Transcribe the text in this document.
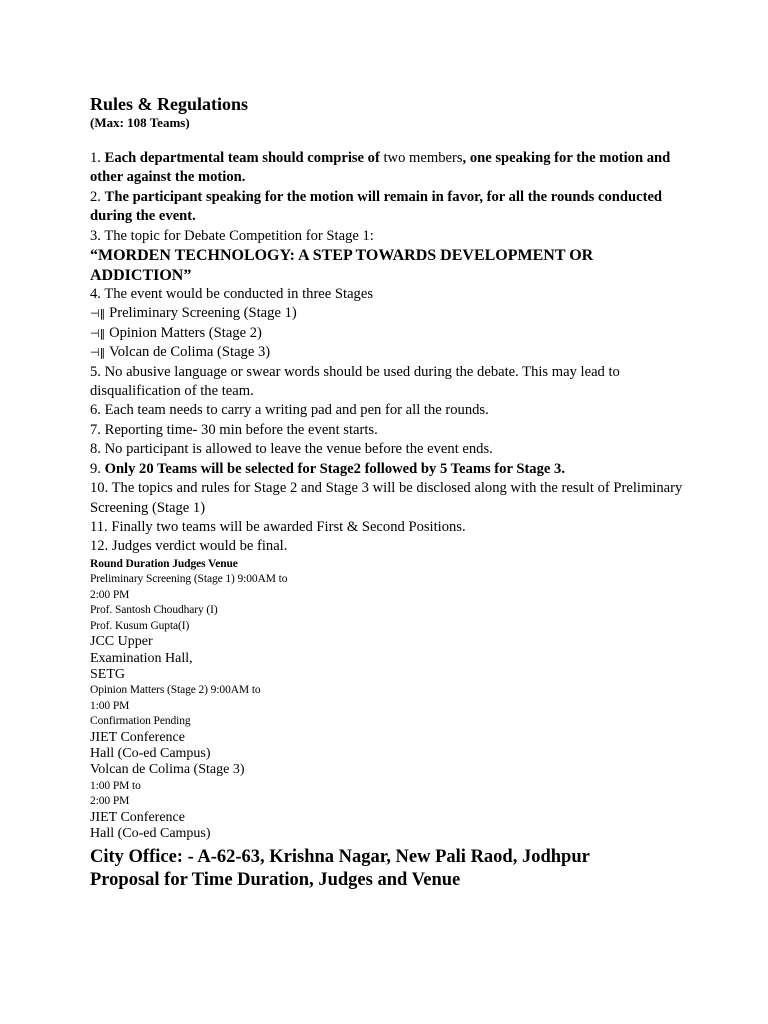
Rules & Regulations

(Max: 108 Teams)

1. Each departmental team should comprise of two members, one speaking for the motion and other against the motion.

2. The participant speaking for the motion will remain in favor, for all the rounds conducted during the event.

3. The topic for Debate Competition for Stage 1:

“MORDEN TECHNOLOGY: A STEP TOWARDS DEVELOPMENT OR ADDICTION”

4. The event would be conducted in three Stages

⊣‖ Preliminary Screening (Stage 1)

⊣‖ Opinion Matters (Stage 2)

⊣‖ Volcan de Colima (Stage 3)

5. No abusive language or swear words should be used during the debate. This may lead to

disqualification of the team.

6. Each team needs to carry a writing pad and pen for all the rounds.

7. Reporting time- 30 min before the event starts.

8. No participant is allowed to leave the venue before the event ends.

9. Only 20 Teams will be selected for Stage2 followed by 5 Teams for Stage 3.

10. The topics and rules for Stage 2 and Stage 3 will be disclosed along with the result of Preliminary Screening (Stage 1)

11. Finally two teams will be awarded First & Second Positions.

12. Judges verdict would be final.

Round Duration Judges Venue

Preliminary Screening (Stage 1) 9:00AM to

2:00 PM

Prof. Santosh Choudhary (I)

Prof. Kusum Gupta(I)

JCC Upper

Examination Hall,

SETG

Opinion Matters (Stage 2) 9:00AM to

1:00 PM

Confirmation Pending

JIET Conference

Hall (Co-ed Campus)

Volcan de Colima (Stage 3)

1:00 PM to

2:00 PM

JIET Conference

Hall (Co-ed Campus)

City Office: - A-62-63, Krishna Nagar, New Pali Raod, Jodhpur

Proposal for Time Duration, Judges and Venue
